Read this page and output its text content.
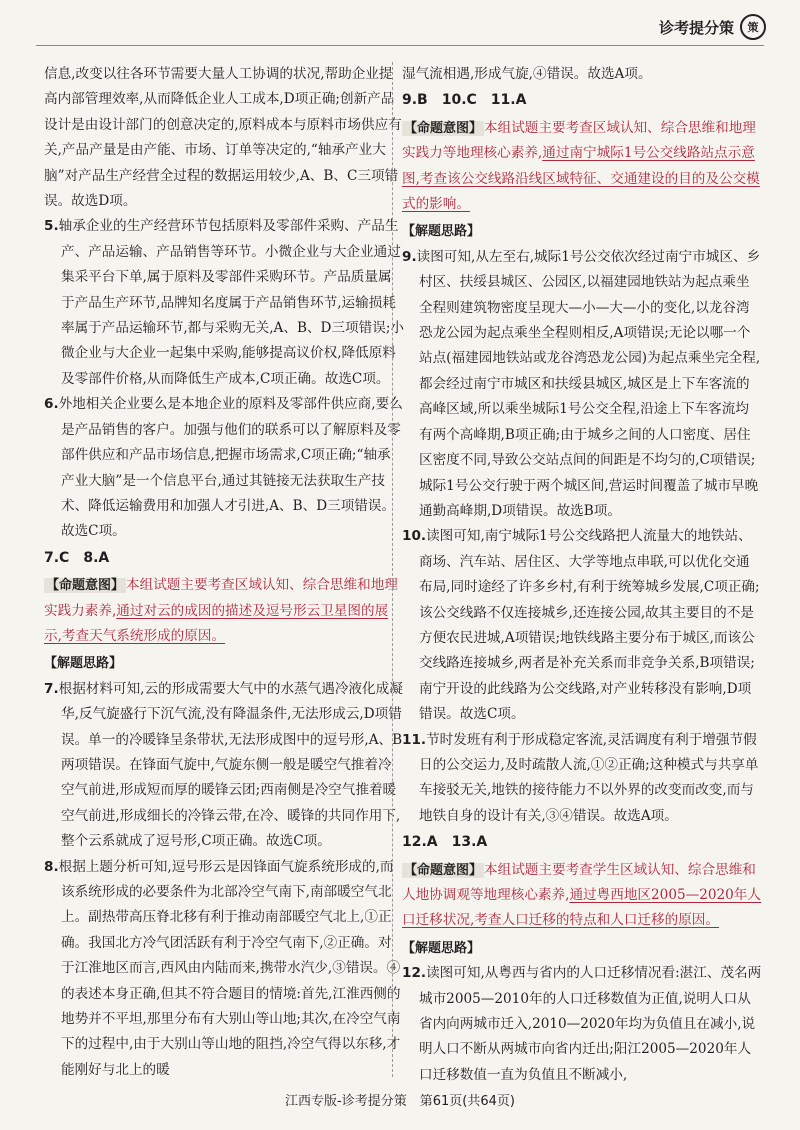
诊考提分策	策

信息,改变以往各环节需要大量人工协调的状况,帮助企业提高内部管理效率,从而降低企业人工成本,D项正确;创新产品设计是由设计部门的创意决定的,原料成本与原料市场供应有关,产品产量是由产能、市场、订单等决定的,“轴承产业大脑”对产品生产经营全过程的数据运用较少,A、B、C三项错误。故选D项。

5.轴承企业的生产经营环节包括原料及零部件采购、产品生产、产品运输、产品销售等环节。小微企业与大企业通过集采平台下单,属于原料及零部件采购环节。产品质量属于产品生产环节,品牌知名度属于产品销售环节,运输损耗率属于产品运输环节,都与采购无关,A、B、D三项错误;小微企业与大企业一起集中采购,能够提高议价权,降低原料及零部件价格,从而降低生产成本,C项正确。故选C项。

6.外地相关企业要么是本地企业的原料及零部件供应商,要么是产品销售的客户。加强与他们的联系可以了解原料及零部件供应和产品市场信息,把握市场需求,C项正确;“轴承产业大脑”是一个信息平台,通过其链接无法获取生产技术、降低运输费用和加强人才引进,A、B、D三项错误。故选C项。

7.C　8.A

【命题意图】 本组试题主要考查区域认知、综合思维和地理实践力素养,通过对云的成因的描述及逗号形云卫星图的展示,考查天气系统形成的原因。

【解题思路】

7.根据材料可知,云的形成需要大气中的水蒸气遇冷液化成凝华,反气旋盛行下沉气流,没有降温条件,无法形成云,D项错误。单一的冷暖锋呈条带状,无法形成图中的逗号形,A、B两项错误。在锋面气旋中,气旋东侧一般是暖空气推着冷空气前进,形成短而厚的暖锋云团;西南侧是冷空气推着暖空气前进,形成细长的冷锋云带,在冷、暖锋的共同作用下,整个云系就成了逗号形,C项正确。故选C项。

8.根据上题分析可知,逗号形云是因锋面气旋系统形成的,而该系统形成的必要条件为北部冷空气南下,南部暖空气北上。副热带高压脊北移有利于推动南部暖空气北上,①正确。我国北方冷气团活跃有利于冷空气南下,②正确。对于江淮地区而言,西风由内陆而来,携带水汽少,③错误。④的表述本身正确,但其不符合题目的情境:首先,江淮西侧的地势并不平坦,那里分布有大别山等山地;其次,在冷空气南下的过程中,由于大别山等山地的阻挡,冷空气得以东移,才能刚好与北上的暖

湿气流相遇,形成气旋,④错误。故选A项。

9.B　10.C　11.A

【命题意图】 本组试题主要考查区域认知、综合思维和地理实践力等地理核心素养,通过南宁城际1号公交线路站点示意图,考查该公交线路沿线区域特征、交通建设的目的及公交模式的影响。

【解题思路】

9.读图可知,从左至右,城际1号公交依次经过南宁市城区、乡村区、扶绥县城区、公园区,以福建园地铁站为起点乘坐全程则建筑物密度呈现大—小—大—小的变化,以龙谷湾恐龙公园为起点乘坐全程则相反,A项错误;无论以哪一个站点(福建园地铁站或龙谷湾恐龙公园)为起点乘坐完全程,都会经过南宁市城区和扶绥县城区,城区是上下车客流的高峰区域,所以乘坐城际1号公交全程,沿途上下车客流均有两个高峰期,B项正确;由于城乡之间的人口密度、居住区密度不同,导致公交站点间的间距是不均匀的,C项错误;城际1号公交行驶于两个城区间,营运时间覆盖了城市早晚通勤高峰期,D项错误。故选B项。

10.读图可知,南宁城际1号公交线路把人流量大的地铁站、商场、汽车站、居住区、大学等地点串联,可以优化交通布局,同时途经了许多乡村,有利于统筹城乡发展,C项正确;该公交线路不仅连接城乡,还连接公园,故其主要目的不是方便农民进城,A项错误;地铁线路主要分布于城区,而该公交线路连接城乡,两者是补充关系而非竞争关系,B项错误;南宁开设的此线路为公交线路,对产业转移没有影响,D项错误。故选C项。

11.节时发班有利于形成稳定客流,灵活调度有利于增强节假日的公交运力,及时疏散人流,①②正确;这种模式与共享单车接驳无关,地铁的接待能力不以外界的改变而改变,而与地铁自身的设计有关,③④错误。故选A项。

12.A　13.A

【命题意图】 本组试题主要考查学生区域认知、综合思维和人地协调观等地理核心素养,通过粤西地区2005—2020年人口迁移状况,考查人口迁移的特点和人口迁移的原因。

【解题思路】

12.读图可知,从粤西与省内的人口迁移情况看:湛江、茂名两城市2005—2010年的人口迁移数值为正值,说明人口从省内向两城市迁入,2010—2020年均为负值且在减小,说明人口不断从两城市向省内迁出;阳江2005—2020年人口迁移数值一直为负值且不断减小,

江西专版-诊考提分策　第61页(共64页)
